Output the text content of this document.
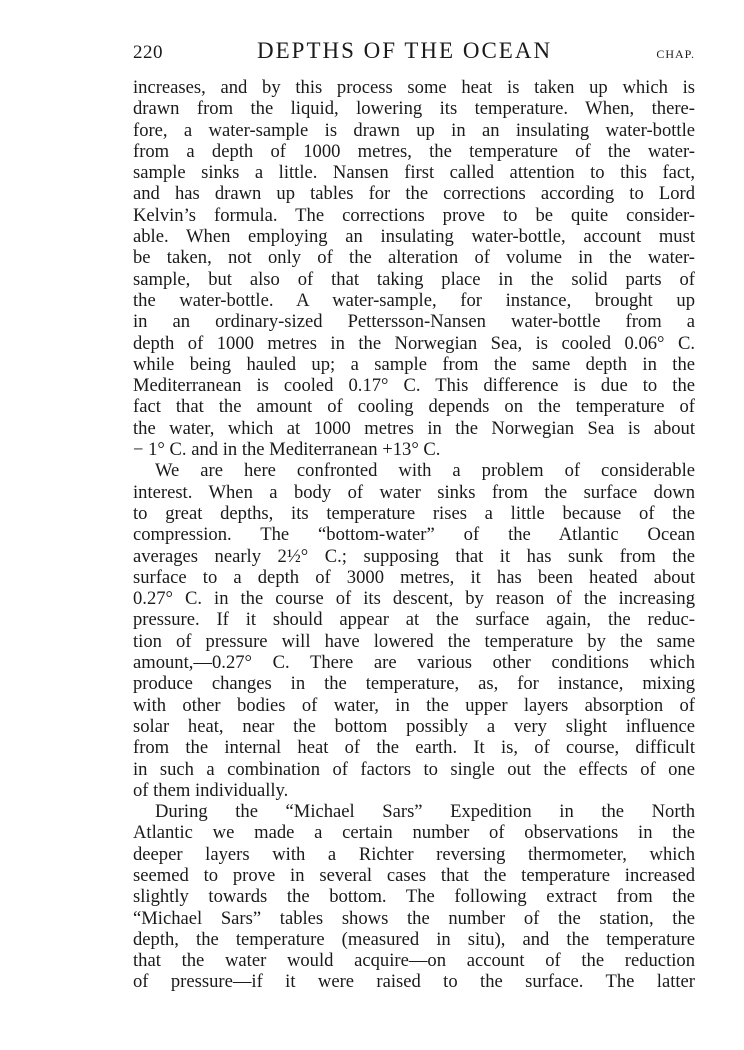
220	DEPTHS OF THE OCEAN	CHAP.
increases, and by this process some heat is taken up which is
drawn from the liquid, lowering its temperature. When, there-
fore, a water-sample is drawn up in an insulating water-bottle
from a depth of 1000 metres, the temperature of the water-
sample sinks a little. Nansen first called attention to this fact,
and has drawn up tables for the corrections according to Lord
Kelvin’s formula. The corrections prove to be quite consider-
able. When employing an insulating water-bottle, account must
be taken, not only of the alteration of volume in the water-
sample, but also of that taking place in the solid parts of
the water-bottle. A water-sample, for instance, brought up
in an ordinary-sized Pettersson-Nansen water-bottle from a
depth of 1000 metres in the Norwegian Sea, is cooled 0.06° C.
while being hauled up; a sample from the same depth in the
Mediterranean is cooled 0.17° C. This difference is due to the
fact that the amount of cooling depends on the temperature of
the water, which at 1000 metres in the Norwegian Sea is about
− 1° C. and in the Mediterranean +13° C.
We are here confronted with a problem of considerable
interest. When a body of water sinks from the surface down
to great depths, its temperature rises a little because of the
compression. The “bottom-water” of the Atlantic Ocean
averages nearly 2½° C.; supposing that it has sunk from the
surface to a depth of 3000 metres, it has been heated about
0.27° C. in the course of its descent, by reason of the increasing
pressure. If it should appear at the surface again, the reduc-
tion of pressure will have lowered the temperature by the same
amount,—0.27° C. There are various other conditions which
produce changes in the temperature, as, for instance, mixing
with other bodies of water, in the upper layers absorption of
solar heat, near the bottom possibly a very slight influence
from the internal heat of the earth. It is, of course, difficult
in such a combination of factors to single out the effects of one
of them individually.
During the “Michael Sars” Expedition in the North
Atlantic we made a certain number of observations in the
deeper layers with a Richter reversing thermometer, which
seemed to prove in several cases that the temperature increased
slightly towards the bottom. The following extract from the
“Michael Sars” tables shows the number of the station, the
depth, the temperature (measured in situ), and the temperature
that the water would acquire—on account of the reduction
of pressure—if it were raised to the surface. The latter
